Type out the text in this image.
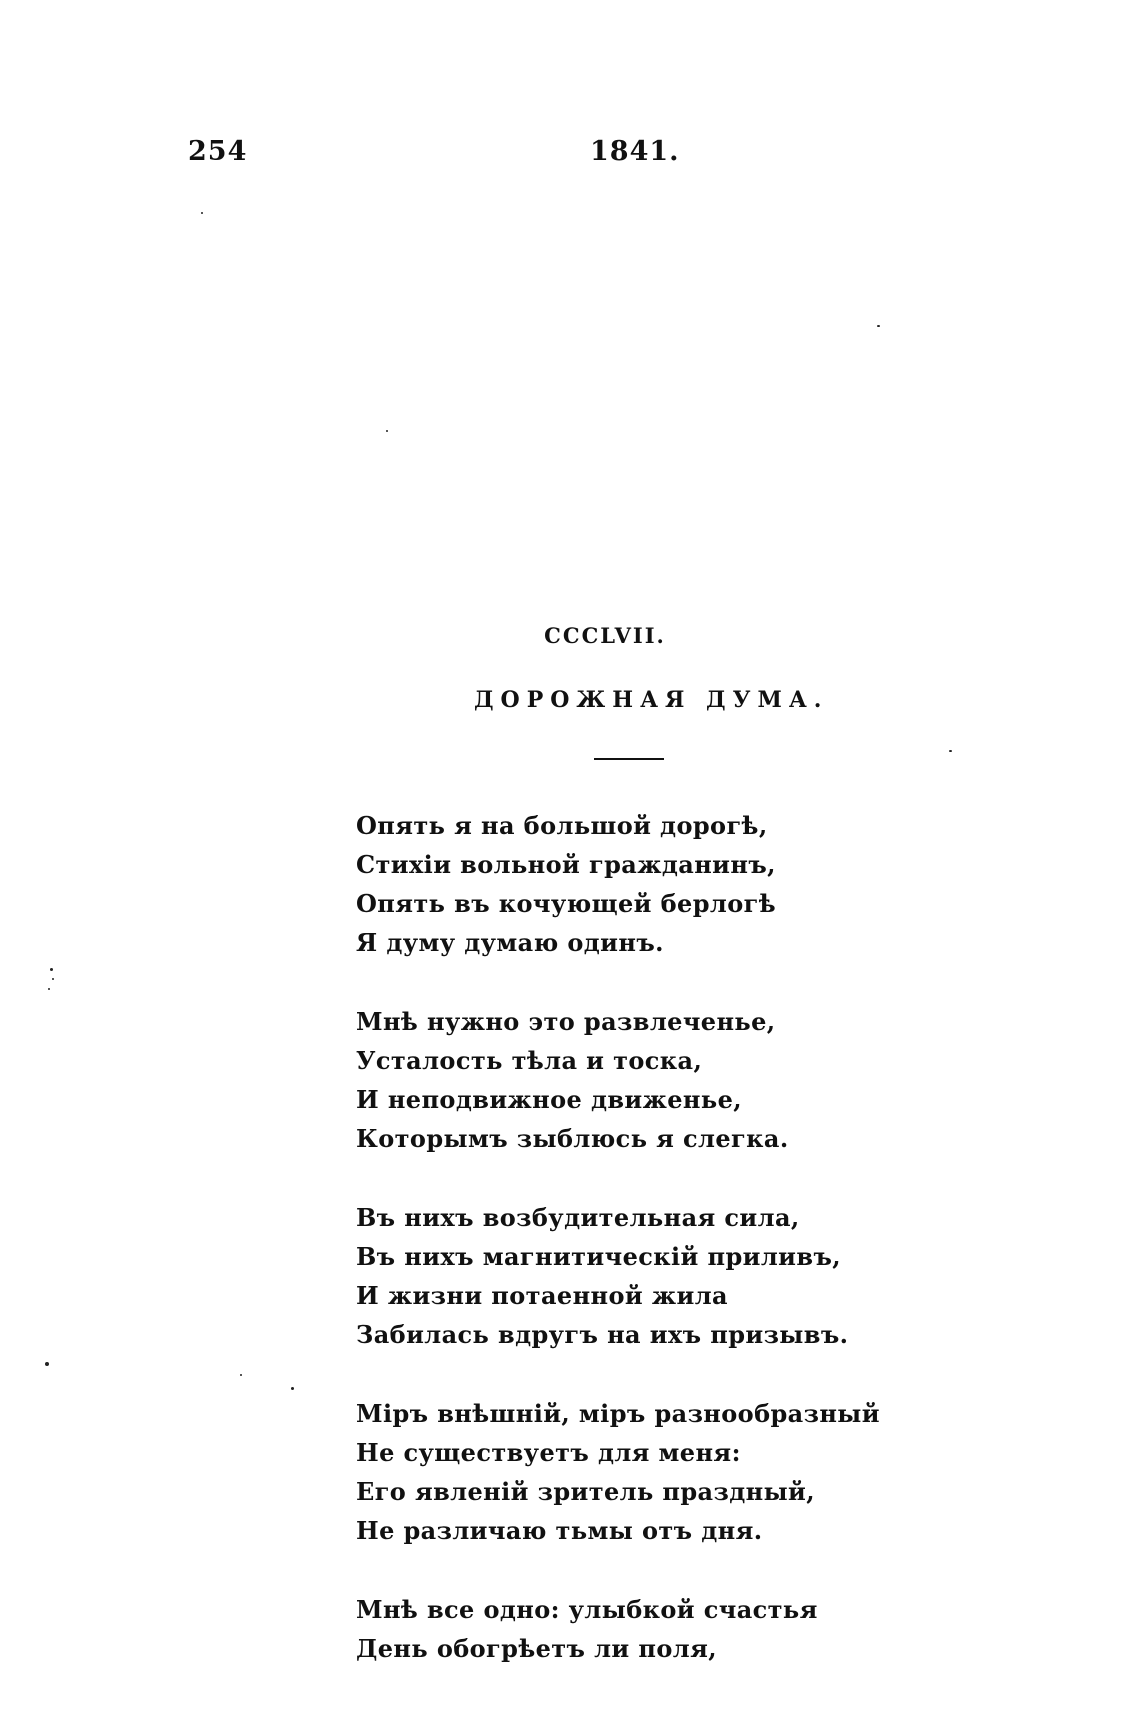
254	1841.
CCCLVII.
ДОРОЖНАЯ ДУМА.
Опять я на большой дорогѣ,
Стихіи вольной гражданинъ,
Опять въ кочующей берлогѣ
Я думу думаю одинъ.
Мнѣ нужно это развлеченье,
Усталость тѣла и тоска,
И неподвижное движенье,
Которымъ зыблюсь я слегка.
Въ нихъ возбудительная сила,
Въ нихъ магнитическій приливъ,
И жизни потаенной жила
Забилась вдругъ на ихъ призывъ.
Міръ внѣшній, міръ разнообразный
Не существуетъ для меня:
Его явленій зритель праздный,
Не различаю тьмы отъ дня.
Мнѣ все одно: улыбкой счастья
День обогрѣетъ ли поля,
